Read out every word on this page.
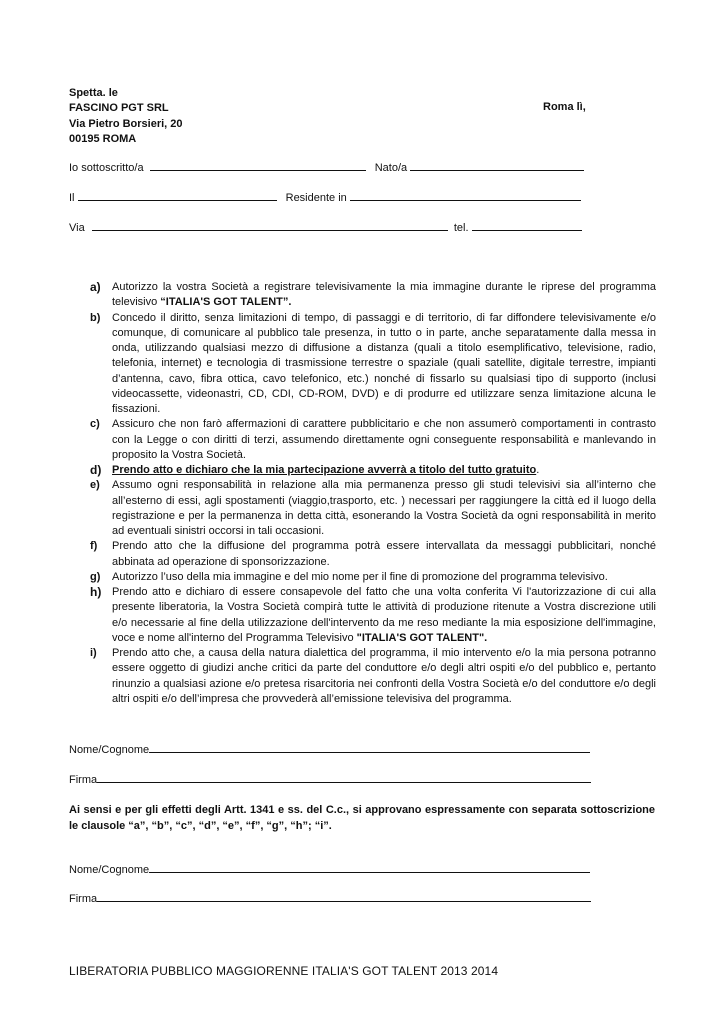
Spetta. le
FASCINO PGT SRL
Via Pietro Borsieri, 20
00195 ROMA
Roma lì,
Io sottoscritto/a	Nato/a
Il	Residente in
Via	tel.
a)	Autorizzo la vostra Società a registrare televisivamente la mia immagine durante le riprese del programma televisivo “ITALIA'S GOT TALENT”.
b)	Concedo il diritto, senza limitazioni di tempo, di passaggi e di territorio, di far diffondere televisivamente e/o comunque, di comunicare al pubblico tale presenza, in tutto o in parte, anche separatamente dalla messa in onda, utilizzando qualsiasi mezzo di diffusione a distanza (quali a titolo esemplificativo, televisione, radio, telefonia, internet) e tecnologia di trasmissione terrestre o spaziale (quali satellite, digitale terrestre, impianti d’antenna, cavo, fibra ottica, cavo telefonico, etc.) nonché di fissarlo su qualsiasi tipo di supporto (inclusi videocassette, videonastri, CD, CDI, CD-ROM, DVD) e di produrre ed utilizzare senza limitazione alcuna le fissazioni.
c)	Assicuro che non farò affermazioni di carattere pubblicitario e che non assumerò comportamenti in contrasto con la Legge o con diritti di terzi, assumendo direttamente ogni conseguente responsabilità e manlevando in proposito la Vostra Società.
d) Prendo atto e dichiaro che la mia partecipazione avverrà a titolo del tutto gratuito.
e)	Assumo ogni responsabilità in relazione alla mia permanenza presso gli studi televisivi sia all’interno che all’esterno di essi, agli spostamenti (viaggio,trasporto, etc. ) necessari per raggiungere la città ed il luogo della registrazione e per la permanenza in detta città, esonerando la Vostra Società da ogni responsabilità in merito ad eventuali sinistri occorsi in tali occasioni.
f)	Prendo atto che la diffusione del programma potrà essere intervallata da messaggi pubblicitari, nonché abbinata ad operazione di sponsorizzazione.
g)	Autorizzo l’uso della mia immagine e del mio nome per il fine di promozione del programma televisivo.
h) Prendo atto e dichiaro di essere consapevole del fatto che una volta conferita Vi l'autorizzazione di cui alla presente liberatoria, la Vostra Società compirà tutte le attività di produzione ritenute a Vostra discrezione utili e/o necessarie al fine della utilizzazione dell'intervento da me reso mediante la mia esposizione dell'immagine, voce e nome all'interno del Programma Televisivo "ITALIA'S GOT TALENT".
i)	Prendo atto che, a causa della natura dialettica del programma, il mio intervento e/o la mia persona potranno essere oggetto di giudizi anche critici da parte del conduttore e/o degli altri ospiti e/o del pubblico e, pertanto rinunzio a qualsiasi azione e/o pretesa risarcitoria nei confronti della Vostra Società e/o del conduttore e/o degli altri ospiti e/o dell’impresa che provvederà all’emissione televisiva del programma.
Nome/Cognome
Firma
Ai sensi e per gli effetti degli Artt. 1341 e ss. del C.c., si approvano espressamente con separata sottoscrizione le clausole “a”, “b”, “c”, “d”, “e”, “f”, “g”, “h”; “i”.
Nome/Cognome
Firma
LIBERATORIA PUBBLICO MAGGIORENNE ITALIA'S GOT TALENT 2013 2014
